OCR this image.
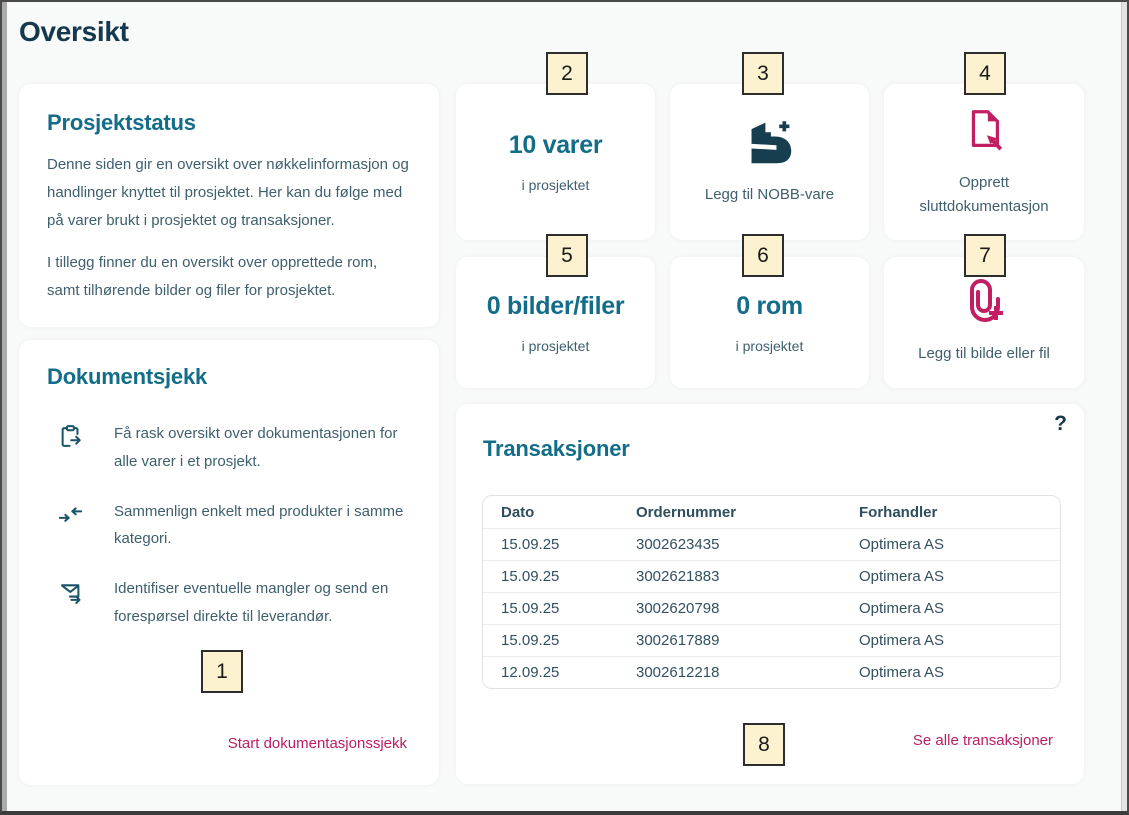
Oversikt
Prosjektstatus

Denne siden gir en oversikt over nøkkelinformasjon og handlinger knyttet til prosjektet. Her kan du følge med på varer brukt i prosjektet og transaksjoner.

I tillegg finner du en oversikt over opprettede rom, samt tilhørende bilder og filer for prosjektet.

Dokumentsjekk
Få rask oversikt over dokumentasjonen for alle varer i et prosjekt.
Sammenlign enkelt med produkter i samme kategori.
Identifiser eventuelle mangler og send en forespørsel direkte til leverandør.
Start dokumentasjonssjekk
10 varer
i prosjektet
Legg til NOBB-vare
Opprett sluttdokumentasjon
0 bilder/filer
i prosjektet
0 rom
i prosjektet	Legg til bilde eller fil
?
Transaksjoner
Dato	Ordernummer	Forhandler
15.09.25	3002623435	Optimera AS
15.09.25	3002621883	Optimera AS
15.09.25	3002620798	Optimera AS
15.09.25	3002617889	Optimera AS
12.09.25	3002612218	Optimera AS
Se alle transaksjoner
1
2	3	4
5	6	7
8
